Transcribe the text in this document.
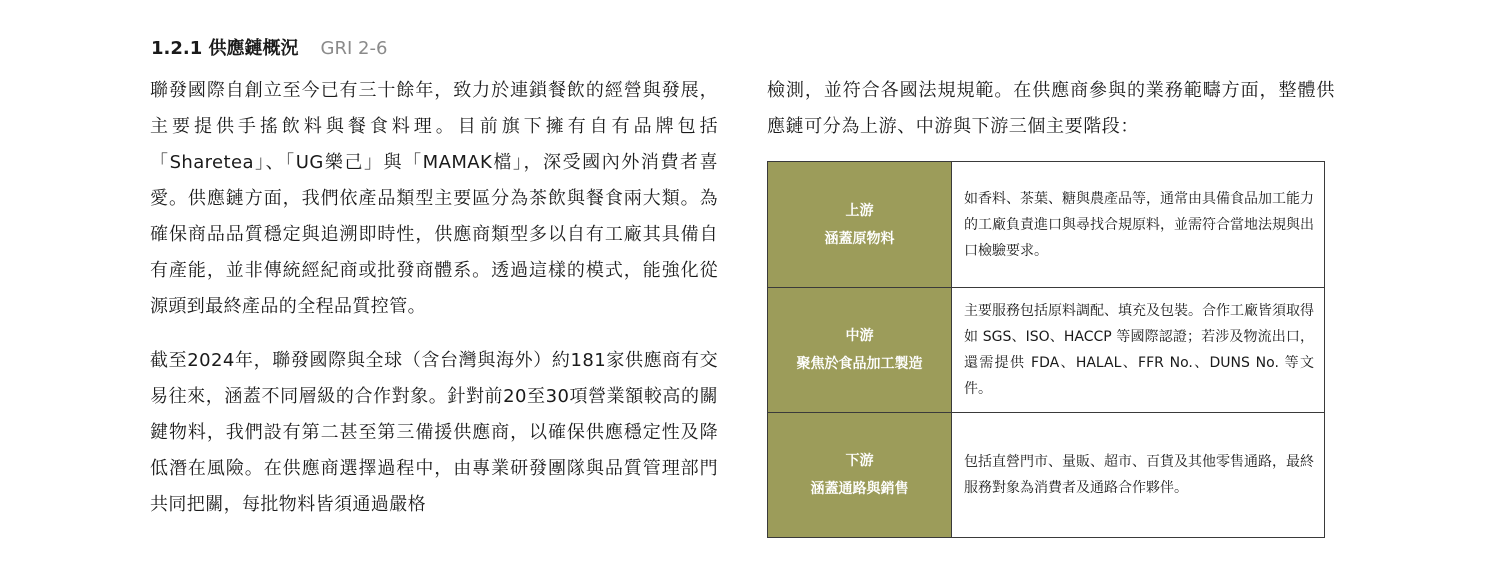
1.2.1 供應鏈概況 GRI 2-6

聯發國際自創立至今已有三十餘年，致力於連鎖餐飲的經營與發展，主要提供手搖飲料與餐食料理。目前旗下擁有自有品牌包括「Sharetea」、「UG樂己」與「MAMAK檔」，深受國內外消費者喜愛。供應鏈方面，我們依產品類型主要區分為茶飲與餐食兩大類。為確保商品品質穩定與追溯即時性，供應商類型多以自有工廠其具備自有產能，並非傳統經紀商或批發商體系。透過這樣的模式，能強化從源頭到最終產品的全程品質控管。

截至2024年，聯發國際與全球（含台灣與海外）約181家供應商有交易往來，涵蓋不同層級的合作對象。針對前20至30項營業額較高的關鍵物料，我們設有第二甚至第三備援供應商，以確保供應穩定性及降低潛在風險。在供應商選擇過程中，由專業研發團隊與品質管理部門共同把關，每批物料皆須通過嚴格

檢測，並符合各國法規規範。在供應商參與的業務範疇方面，整體供應鏈可分為上游、中游與下游三個主要階段：

上游
涵蓋原物料	如香料、茶葉、糖與農產品等，通常由具備食品加工能力的工廠負責進口與尋找合規原料，並需符合當地法規與出口檢驗要求。

中游
聚焦於食品加工製造	主要服務包括原料調配、填充及包裝。合作工廠皆須取得如 SGS、ISO、HACCP 等國際認證；若涉及物流出口，還需提供 FDA、HALAL、FFR No.、DUNS No. 等文件。

下游
涵蓋通路與銷售	包括直營門市、量販、超市、百貨及其他零售通路，最終服務對象為消費者及通路合作夥伴。
